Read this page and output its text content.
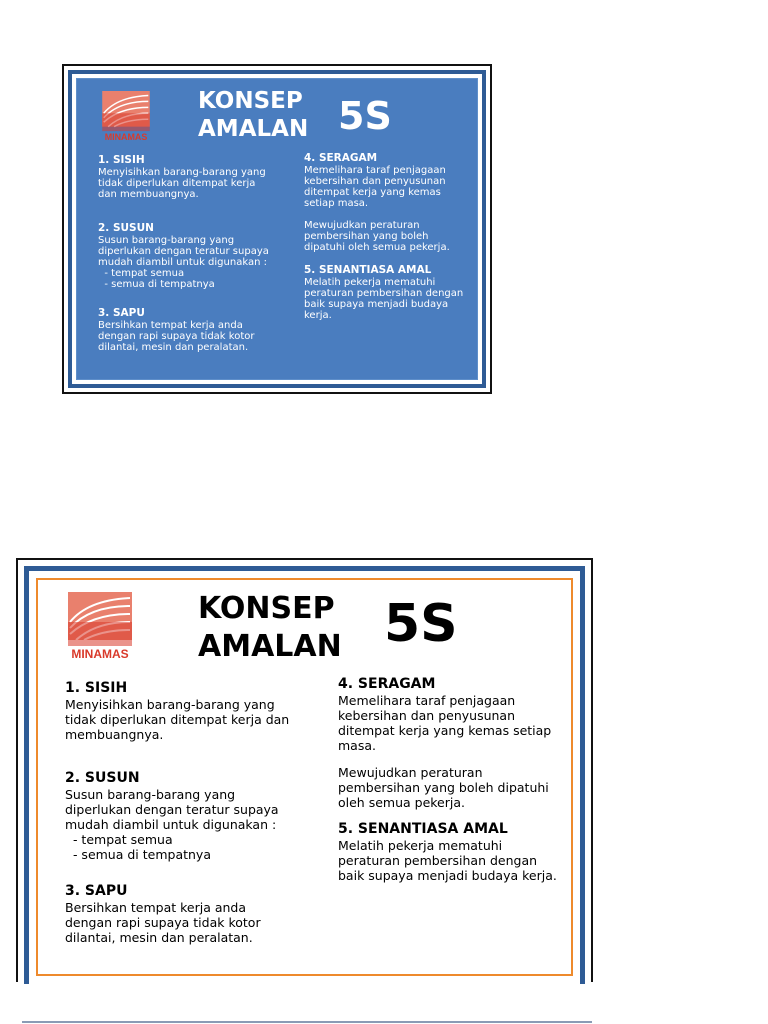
MINAMAS
KONSEP
AMALAN 5S
1. SISIH
Menyisihkan barang-barang yang
tidak diperlukan ditempat kerja
dan membuangnya.
2. SUSUN
Susun barang-barang yang
diperlukan dengan teratur supaya
mudah diambil untuk digunakan :
- tempat semua
- semua di tempatnya
3. SAPU
Bersihkan tempat kerja anda
dengan rapi supaya tidak kotor
dilantai, mesin dan peralatan.
4. SERAGAM
Memelihara taraf penjagaan
kebersihan dan penyusunan
ditempat kerja yang kemas
setiap masa.
Mewujudkan peraturan
pembersihan yang boleh
dipatuhi oleh semua pekerja.
5. SENANTIASA AMAL
Melatih pekerja mematuhi
peraturan pembersihan dengan
baik supaya menjadi budaya
kerja.
MINAMAS
KONSEP
AMALAN 5S
1. SISIH
Menyisihkan barang-barang yang
tidak diperlukan ditempat kerja dan
membuangnya.
2. SUSUN
Susun barang-barang yang
diperlukan dengan teratur supaya
mudah diambil untuk digunakan :
- tempat semua
- semua di tempatnya
3. SAPU
Bersihkan tempat kerja anda
dengan rapi supaya tidak kotor
dilantai, mesin dan peralatan.
4. SERAGAM
Memelihara taraf penjagaan
kebersihan dan penyusunan
ditempat kerja yang kemas setiap
masa.
Mewujudkan peraturan
pembersihan yang boleh dipatuhi
oleh semua pekerja.
5. SENANTIASA AMAL
Melatih pekerja mematuhi
peraturan pembersihan dengan
baik supaya menjadi budaya kerja.
